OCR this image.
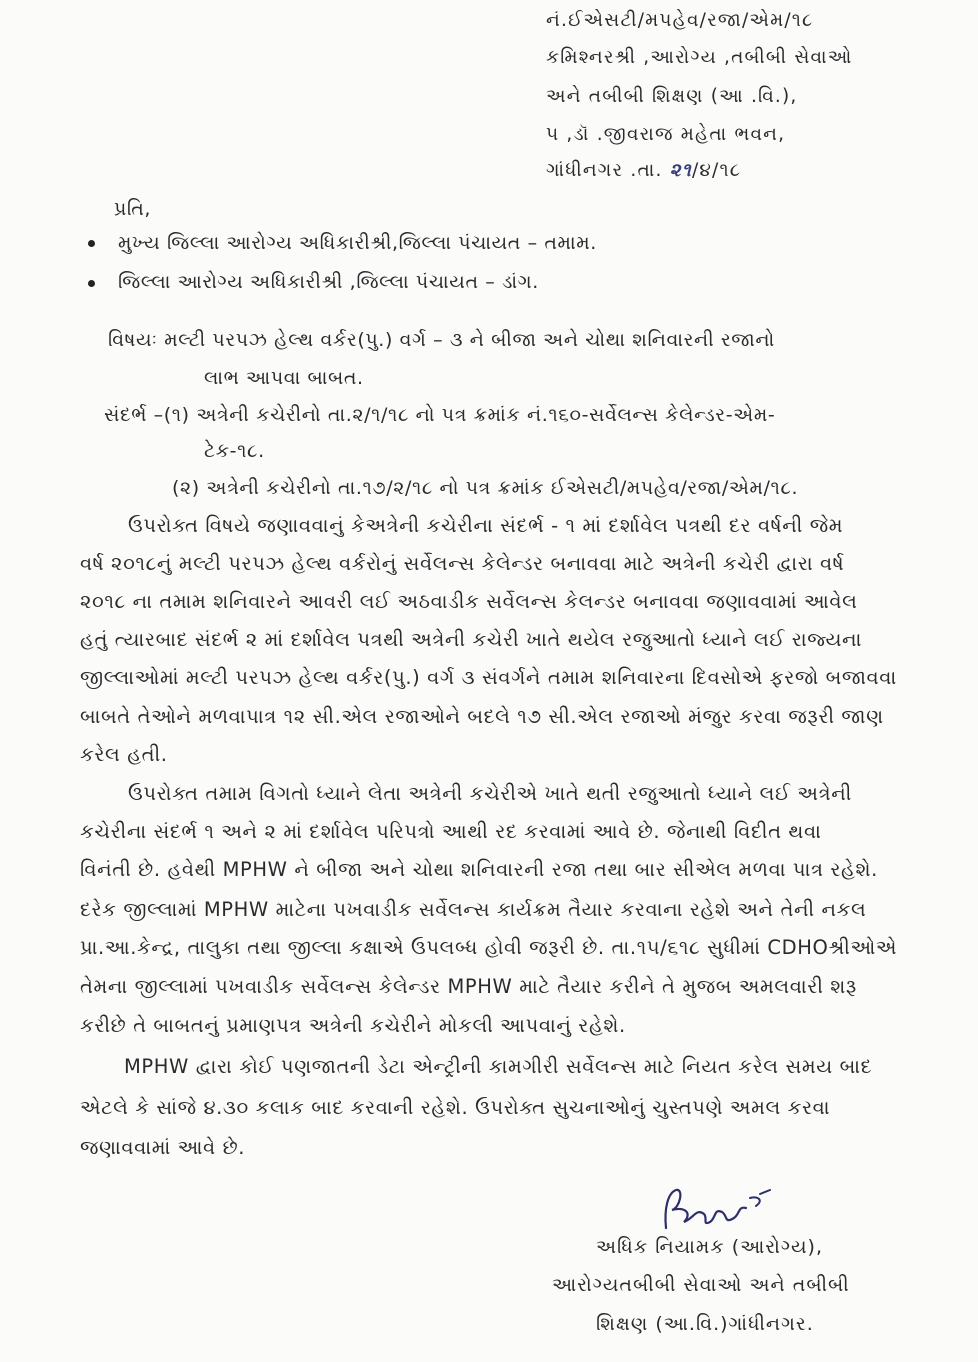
નં.ઈએસટી/મપહેવ/રજા/એમ/૧૮
કમિશ્નરશ્રી ,આરોગ્ય ,તબીબી સેવાઓ
અને તબીબી શિક્ષણ (આ .વિ.),
૫ ,ડૉ .જીવરાજ મહેતા ભવન,
ગાંધીનગર .તા. ૨૧/૪/૧૮
પ્રતિ,
મુખ્ય જિલ્લા આરોગ્ય અધિકારીશ્રી,જિલ્લા પંચાયત – તમામ.
જિલ્લા આરોગ્ય અધિકારીશ્રી ,જિલ્લા પંચાયત – ડાંગ.
વિષયઃ મલ્ટી પરપઝ હેલ્થ વર્કર(પુ.) વર્ગ – ૩ ને બીજા અને ચોથા શનિવારની રજાનો
લાભ આપવા બાબત.
સંદર્ભ –(૧) અત્રેની કચેરીનો તા.૨/૧/૧૮ નો પત્ર ક્રમાંક નં.૧૬૦-સર્વેલન્સ કેલેન્ડર-એમ-
ટેક-૧૮.
(૨) અત્રેની કચેરીનો તા.૧૭/૨/૧૮ નો પત્ર ક્રમાંક ઈએસટી/મપહેવ/રજા/એમ/૧૮.
ઉપરોક્ત વિષયે જણાવવાનું કેઅત્રેની કચેરીના સંદર્ભ - ૧ માં દર્શાવેલ પત્રથી દર વર્ષની જેમ
વર્ષ ૨૦૧૮નું મલ્ટી પરપઝ હેલ્થ વર્કરોનું સર્વેલન્સ કેલેન્ડર બનાવવા માટે અત્રેની કચેરી દ્વારા વર્ષ
૨૦૧૮ ના તમામ શનિવારને આવરી લઈ અઠવાડીક સર્વેલન્સ કેલન્ડર બનાવવા જણાવવામાં આવેલ
હતું ત્યારબાદ સંદર્ભ ૨ માં દર્શાવેલ પત્રથી અત્રેની કચેરી ખાતે થયેલ રજુઆતો ધ્યાને લઈ રાજ્યના
જીલ્લાઓમાં મલ્ટી પરપઝ હેલ્થ વર્કર(પુ.) વર્ગ ૩ સંવર્ગને તમામ શનિવારના દિવસોએ ફરજો બજાવવા
બાબતે તેઓને મળવાપાત્ર ૧૨ સી.એલ રજાઓને બદલે ૧૭ સી.એલ રજાઓ મંજુર કરવા જરૂરી જાણ
કરેલ હતી.
ઉપરોક્ત તમામ વિગતો ધ્યાને લેતા અત્રેની કચેરીએ ખાતે થતી રજુઆતો ધ્યાને લઈ અત્રેની
કચેરીના સંદર્ભ ૧ અને ૨ માં દર્શાવેલ પરિપત્રો આથી રદ કરવામાં આવે છે. જેનાથી વિદીત થવા
વિનંતી છે. હવેથી MPHW ને બીજા અને ચોથા શનિવારની રજા તથા બાર સીએલ મળવા પાત્ર રહેશે.
દરેક જીલ્લામાં MPHW માટેના પખવાડીક સર્વેલન્સ કાર્યક્રમ તૈયાર કરવાના રહેશે અને તેની નકલ
પ્રા.આ.કેન્દ્ર, તાલુકા તથા જીલ્લા કક્ષાએ ઉપલબ્ધ હોવી જરૂરી છે. તા.૧૫/૬૧૮ સુધીમાં CDHOશ્રીઓએ
તેમના જીલ્લામાં પખવાડીક સર્વેલન્સ કેલેન્ડર MPHW માટે તૈયાર કરીને તે મુજબ અમલવારી શરૂ
કરીછે તે બાબતનું પ્રમાણપત્ર અત્રેની કચેરીને મોકલી આપવાનું રહેશે.
MPHW દ્વારા કોઈ પણજાતની ડેટા એન્ટ્રીની કામગીરી સર્વેલન્સ માટે નિયત કરેલ સમય બાદ
એટલે કે સાંજે ૪.૩૦ કલાક બાદ કરવાની રહેશે. ઉપરોક્ત સુચનાઓનું ચુસ્તપણે અમલ કરવા
જણાવવામાં આવે છે.
અધિક નિયામક (આરોગ્ય),
આરોગ્યતબીબી સેવાઓ અને તબીબી
શિક્ષણ (આ.વિ.)ગાંધીનગર.
